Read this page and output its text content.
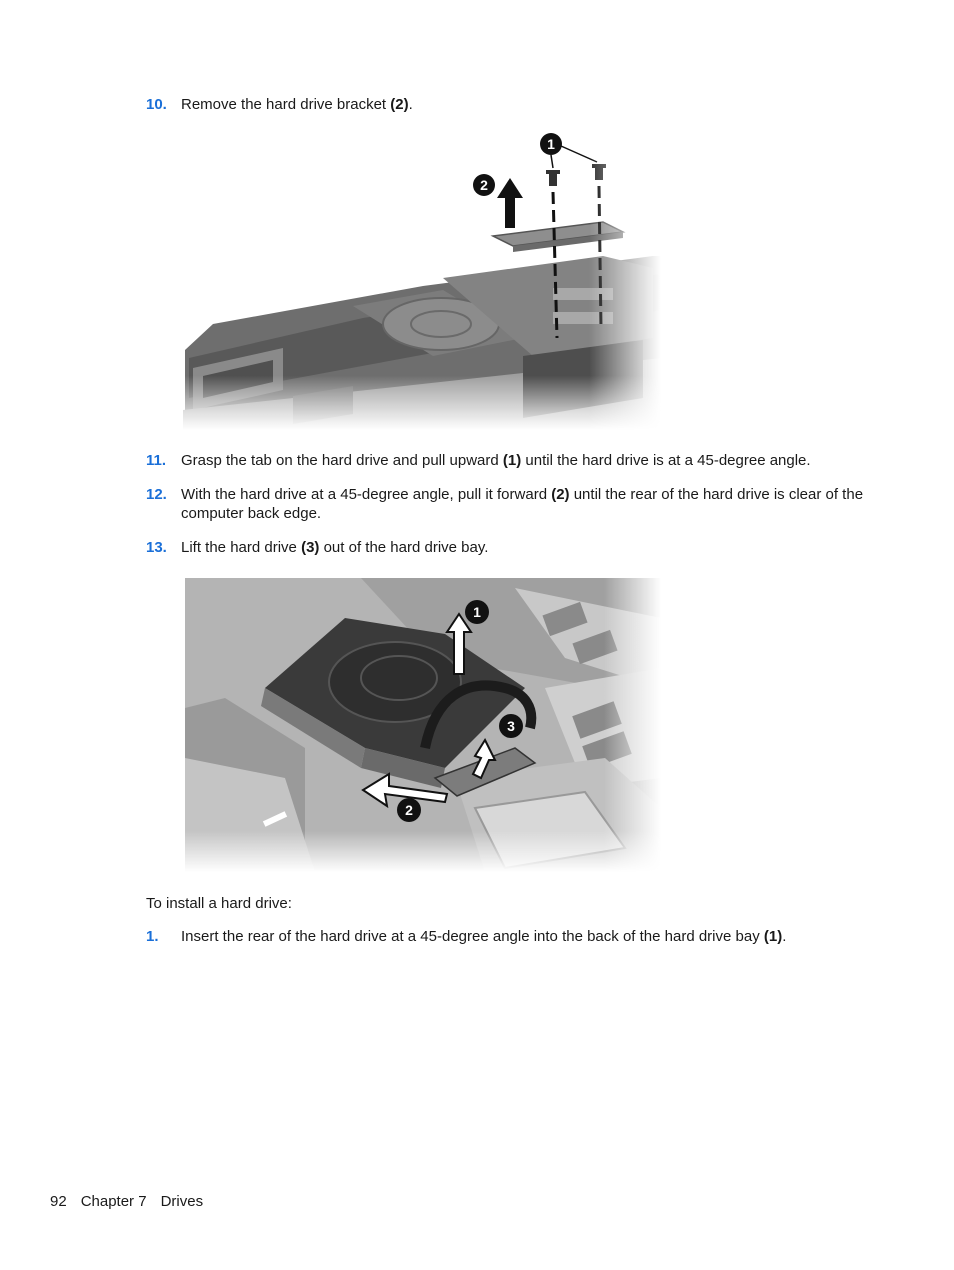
10. Remove the hard drive bracket (2).
11. Grasp the tab on the hard drive and pull upward (1) until the hard drive is at a 45-degree angle.
12. With the hard drive at a 45-degree angle, pull it forward (2) until the rear of the hard drive is clear of the computer back edge.
13. Lift the hard drive (3) out of the hard drive bay.
To install a hard drive:
1. Insert the rear of the hard drive at a 45-degree angle into the back of the hard drive bay (1).
92 Chapter 7 Drives
